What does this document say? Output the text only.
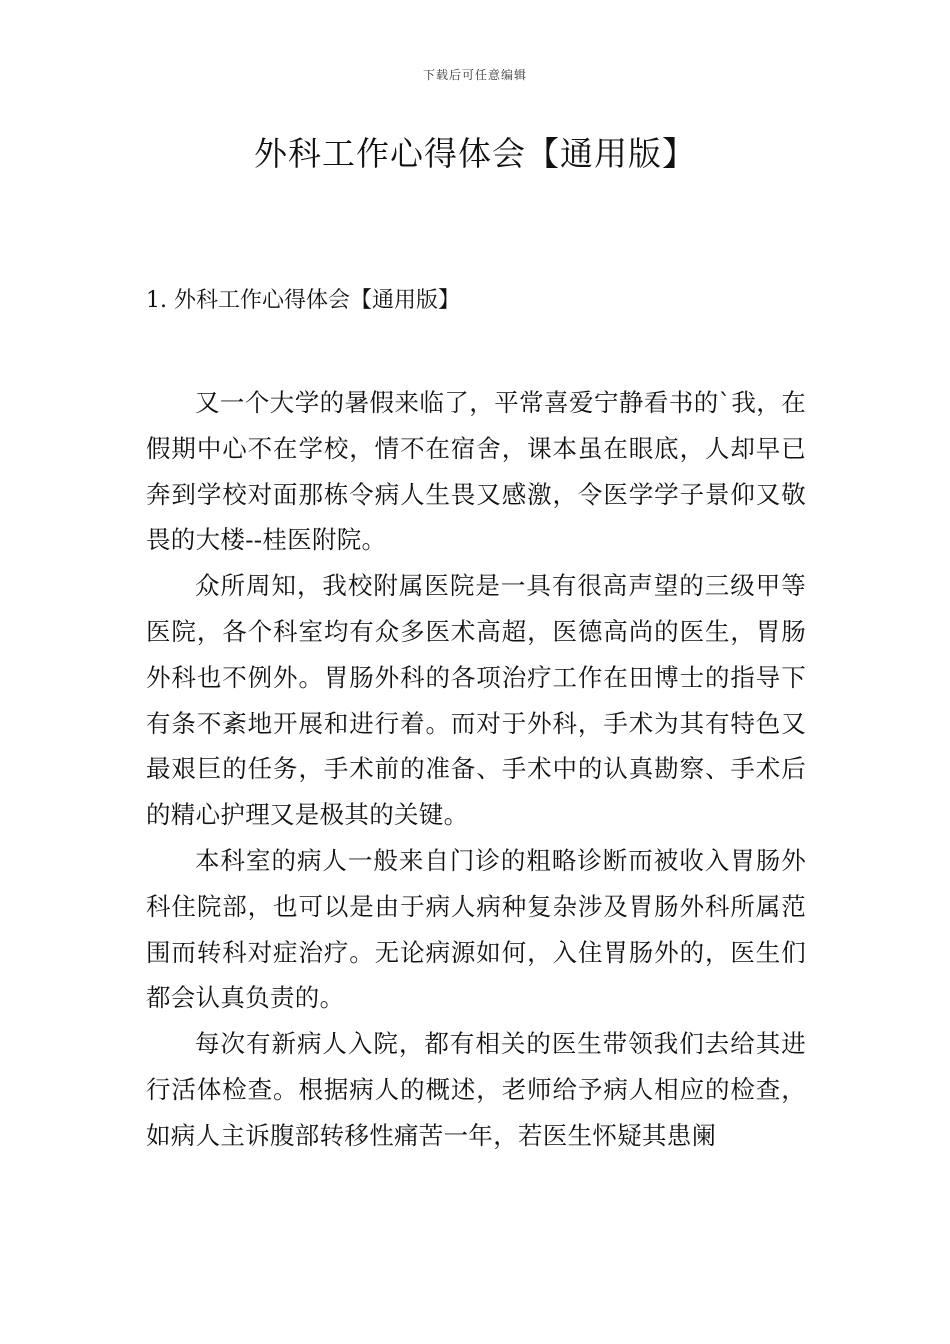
下载后可任意编辑
外科工作心得体会【通用版】
1. 外科工作心得体会【通用版】

又一个大学的暑假来临了，平常喜爱宁静看书的`我，在假期中心不在学校，情不在宿舍，课本虽在眼底，人却早已奔到学校对面那栋令病人生畏又感激，令医学学子景仰又敬畏的大楼--桂医附院。

众所周知，我校附属医院是一具有很高声望的三级甲等医院，各个科室均有众多医术高超，医德高尚的医生，胃肠外科也不例外。胃肠外科的各项治疗工作在田博士的指导下有条不紊地开展和进行着。而对于外科，手术为其有特色又最艰巨的任务，手术前的准备、手术中的认真勘察、手术后的精心护理又是极其的关键。

本科室的病人一般来自门诊的粗略诊断而被收入胃肠外科住院部，也可以是由于病人病种复杂涉及胃肠外科所属范围而转科对症治疗。无论病源如何，入住胃肠外的，医生们都会认真负责的。

每次有新病人入院，都有相关的医生带领我们去给其进行活体检查。根据病人的概述，老师给予病人相应的检查，如病人主诉腹部转移性痛苦一年，若医生怀疑其患阑
